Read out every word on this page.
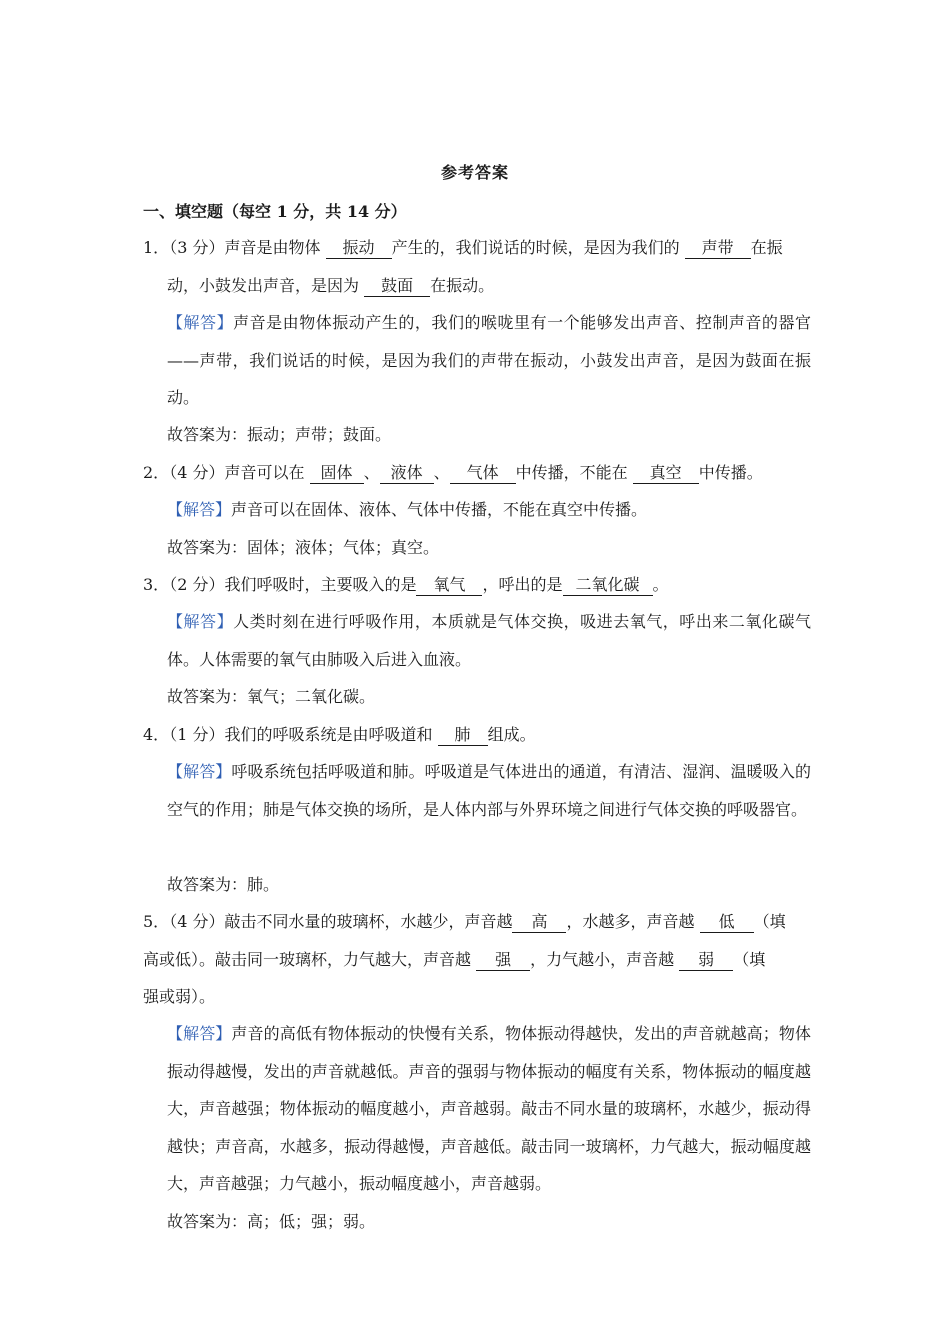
参考答案
一、填空题（每空 1 分，共 14 分）
1．（3 分）声音是由物体 振动 产生的，我们说话的时候，是因为我们的 声带 在振
动，小鼓发出声音，是因为 鼓面 在振动。
【解答】声音是由物体振动产生的，我们的喉咙里有一个能够发出声音、控制声音的器官——声带，我们说话的时候，是因为我们的声带在振动，小鼓发出声音，是因为鼓面在振动。
故答案为：振动；声带；鼓面。
2．（4 分）声音可以在 固体 、 液体 、 气体 中传播，不能在 真空 中传播。
【解答】声音可以在固体、液体、气体中传播，不能在真空中传播。
故答案为：固体；液体；气体；真空。
3．（2 分）我们呼吸时，主要吸入的是 氧气 ，呼出的是 二氧化碳 。
【解答】人类时刻在进行呼吸作用，本质就是气体交换，吸进去氧气，呼出来二氧化碳气体。人体需要的氧气由肺吸入后进入血液。
故答案为：氧气；二氧化碳。
4．（1 分）我们的呼吸系统是由呼吸道和 肺 组成。
【解答】呼吸系统包括呼吸道和肺。呼吸道是气体进出的通道，有清洁、湿润、温暖吸入的空气的作用；肺是气体交换的场所，是人体内部与外界环境之间进行气体交换的呼吸器官。
故答案为：肺。
5．（4 分）敲击不同水量的玻璃杯，水越少，声音越 高 ，水越多，声音越 低 （填
高或低）。敲击同一玻璃杯，力气越大，声音越 强 ，力气越小，声音越 弱 （填
强或弱）。
【解答】声音的高低有物体振动的快慢有关系，物体振动得越快，发出的声音就越高；物体振动得越慢，发出的声音就越低。声音的强弱与物体振动的幅度有关系，物体振动的幅度越大，声音越强；物体振动的幅度越小，声音越弱。敲击不同水量的玻璃杯，水越少，振动得越快；声音高，水越多，振动得越慢，声音越低。敲击同一玻璃杯，力气越大，振动幅度越大，声音越强；力气越小，振动幅度越小，声音越弱。
故答案为：高；低；强；弱。
